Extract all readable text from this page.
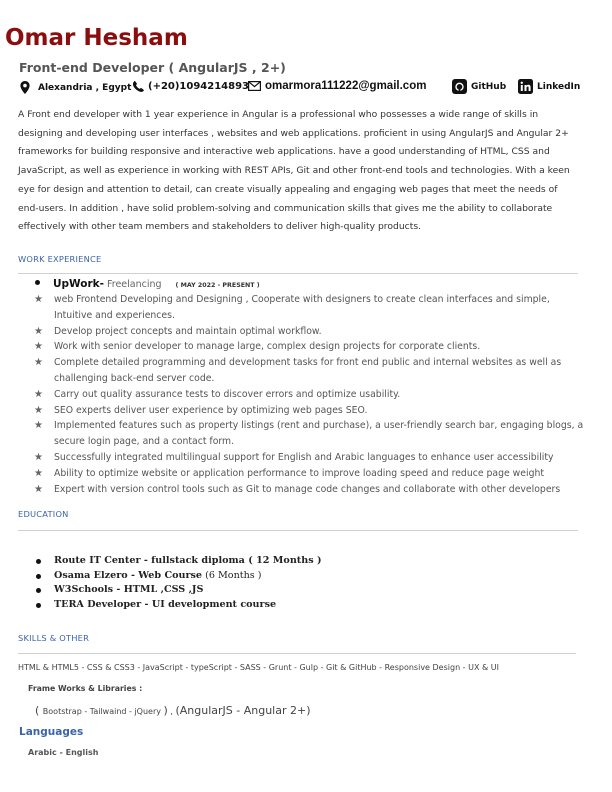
Omar Hesham
Front-end Developer ( AngularJS , 2+)
Alexandria , Egypt (+20)1094214893 omarmora111222@gmail.com	GitHub	LinkedIn

A Front end developer with 1 year experience in Angular is a professional who possesses a wide range of skills in designing and developing user interfaces , websites and web applications. proficient in using AngularJS and Angular 2+ frameworks for building responsive and interactive web applications. have a good understanding of HTML, CSS and JavaScript, as well as experience in working with REST APIs, Git and other front-end tools and technologies. With a keen eye for design and attention to detail, can create visually appealing and engaging web pages that meet the needs of end-users. In addition , have solid problem-solving and communication skills that gives me the ability to collaborate effectively with other team members and stakeholders to deliver high-quality products.

WORK EXPERIENCE
UpWork- Freelancing ( MAY 2022 - PRESENT )
★ web Frontend Developing and Designing , Cooperate with designers to create clean interfaces and simple, Intuitive and experiences.
★ Develop project concepts and maintain optimal workflow.
★ Work with senior developer to manage large, complex design projects for corporate clients.
★ Complete detailed programming and development tasks for front end public and internal websites as well as challenging back-end server code.
★ Carry out quality assurance tests to discover errors and optimize usability.
★ SEO experts deliver user experience by optimizing web pages SEO.
★ Implemented features such as property listings (rent and purchase), a user-friendly search bar, engaging blogs, a secure login page, and a contact form.
★ Successfully integrated multilingual support for English and Arabic languages to enhance user accessibility
★ Ability to optimize website or application performance to improve loading speed and reduce page weight
★ Expert with version control tools such as Git to manage code changes and collaborate with other developers
EDUCATION
Route IT Center - fullstack diploma ( 12 Months )
Osama Elzero - Web Course (6 Months )
W3Schools - HTML ,CSS ,JS
TERA Developer - UI development course
SKILLS & OTHER
HTML & HTML5 - CSS & CSS3 - JavaScript - typeScript - SASS - Grunt - Gulp - Git & GitHub - Responsive Design - UX & UI
Frame Works & Libraries :
( Bootstrap - Tailwaind - jQuery ) , (AngularJS - Angular 2+)
Languages
Arabic - English
